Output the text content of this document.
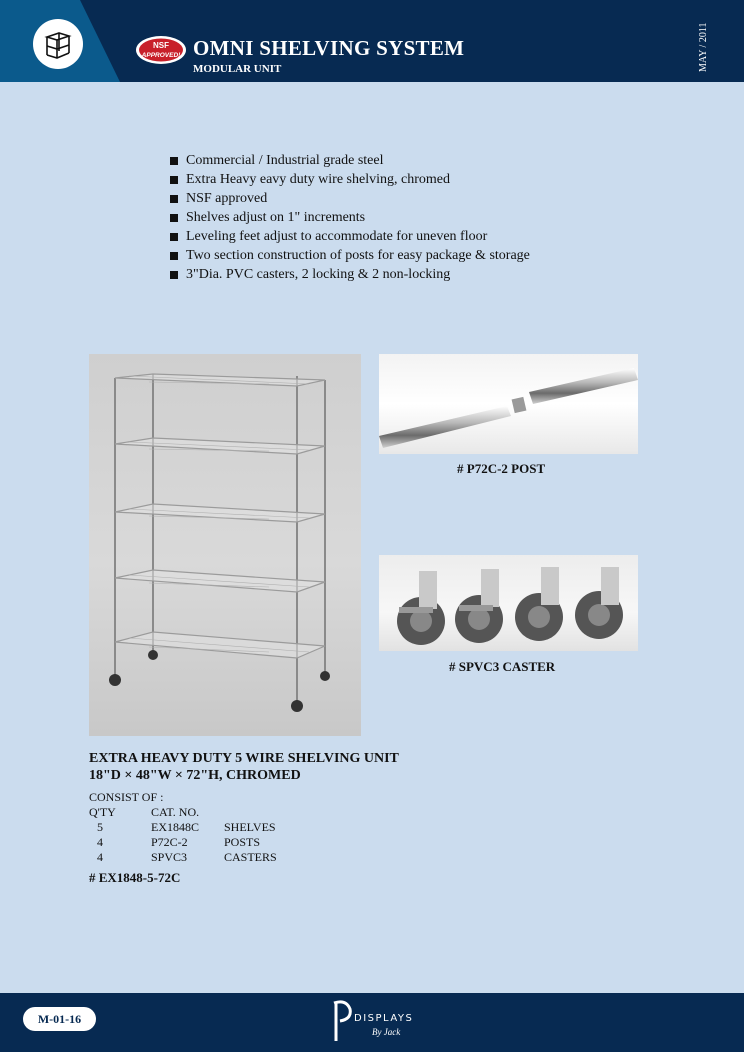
NSF
APPROVED! OMNI SHELVING SYSTEM
MODULAR UNIT	MAY / 2011
Commercial / Industrial grade steel
Extra Heavy eavy duty wire shelving, chromed
NSF approved
Shelves adjust on 1" increments
Leveling feet adjust to accommodate for uneven floor
Two section construction of posts for easy package & storage
3"Dia. PVC casters, 2 locking & 2 non-locking
# P72C-2 POST
# SPVC3 CASTER
EXTRA HEAVY DUTY 5 WIRE SHELVING UNIT
18"D × 48"W × 72"H, CHROMED
CONSIST OF :
Q'TY	CAT. NO.	
5	EX1848C	SHELVES
4	P72C-2	POSTS
4	SPVC3	CASTERS
# EX1848-5-72C
M-01-16	DISPLAYS
By Jack
